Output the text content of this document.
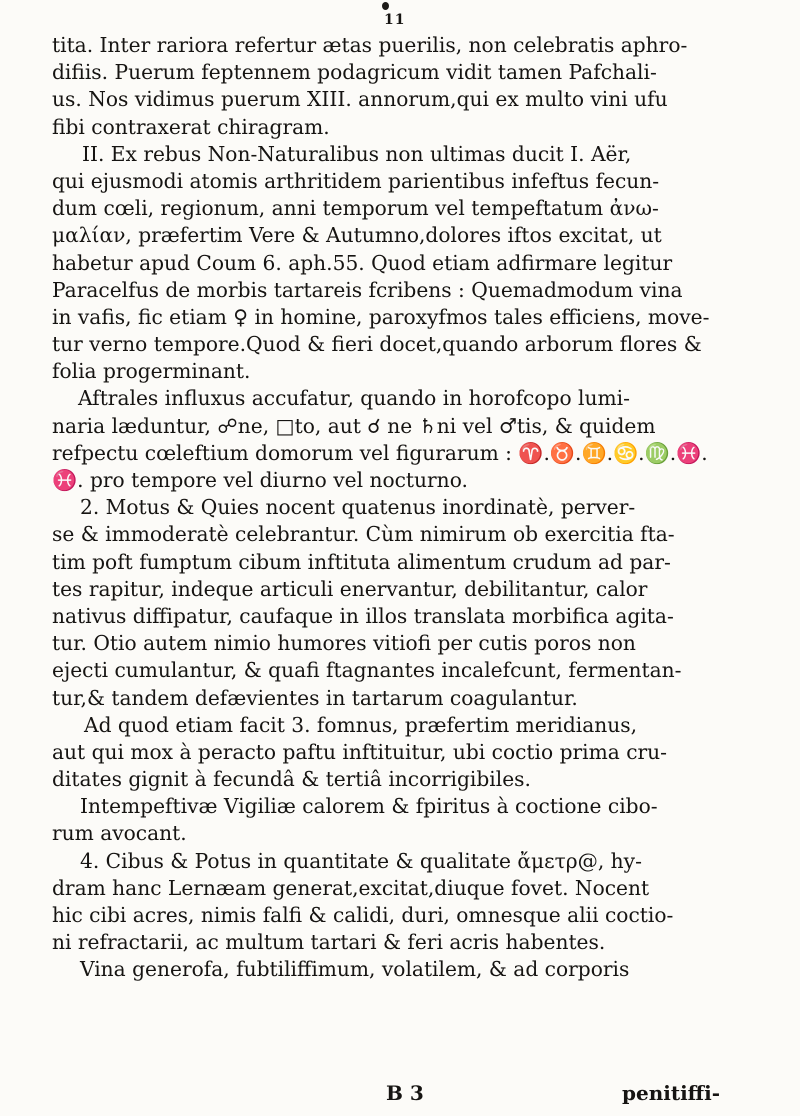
11
tita. Inter rariora refertur ætas puerilis, non celebratis aphro-
difiis. Puerum feptennem podagricum vidit tamen Pafchali-
us. Nos vidimus puerum XIII. annorum,qui ex multo vini ufu
fibi contraxerat chiragram.
II. Ex rebus Non-Naturalibus non ultimas ducit I. Aër,
qui ejusmodi atomis arthritidem parientibus infeftus fecun-
dum cœli, regionum, anni temporum vel tempeftatum ἀνω-
μαλίαν, præfertim Vere & Autumno,dolores iftos excitat, ut
habetur apud Coum 6. aph.55. Quod etiam adfirmare legitur
Paracelfus de morbis tartareis fcribens : Quemadmodum vina
in vafis, fic etiam ♀ in homine, paroxyfmos tales efficiens, move-
tur verno tempore.Quod & fieri docet,quando arborum flores &
folia progerminant.
Aftrales influxus accufatur, quando in horofcopo lumi-
naria læduntur, ☍ne, □to, aut ☌ ne ♄ni vel ♂tis, & quidem
refpectu cœleftium domorum vel figurarum : ♈.♉.♊.♋.♍.♓.
♓. pro tempore vel diurno vel nocturno.
2. Motus & Quies nocent quatenus inordinatè, perver-
se & immoderatè celebrantur. Cùm nimirum ob exercitia fta-
tim poft fumptum cibum inftituta alimentum crudum ad par-
tes rapitur, indeque articuli enervantur, debilitantur, calor
nativus diffipatur, caufaque in illos translata morbifica agita-
tur. Otio autem nimio humores vitiofi per cutis poros non
ejecti cumulantur, & quafi ftagnantes incalefcunt, fermentan-
tur,& tandem defævientes in tartarum coagulantur.
Ad quod etiam facit 3. fomnus, præfertim meridianus,
aut qui mox à peracto paftu inftituitur, ubi coctio prima cru-
ditates gignit à fecundâ & tertiâ incorrigibiles.
Intempeftivæ Vigiliæ calorem & fpiritus à coctione cibo-
rum avocant.
4. Cibus & Potus in quantitate & qualitate ἄμετρ@, hy-
dram hanc Lernæam generat,excitat,diuque fovet. Nocent
hic cibi acres, nimis falfi & calidi, duri, omnesque alii coctio-
ni refractarii, ac multum tartari & feri acris habentes.
Vina generofa, fubtiliffimum, volatilem, & ad corporis
B 3	penitiffi-
